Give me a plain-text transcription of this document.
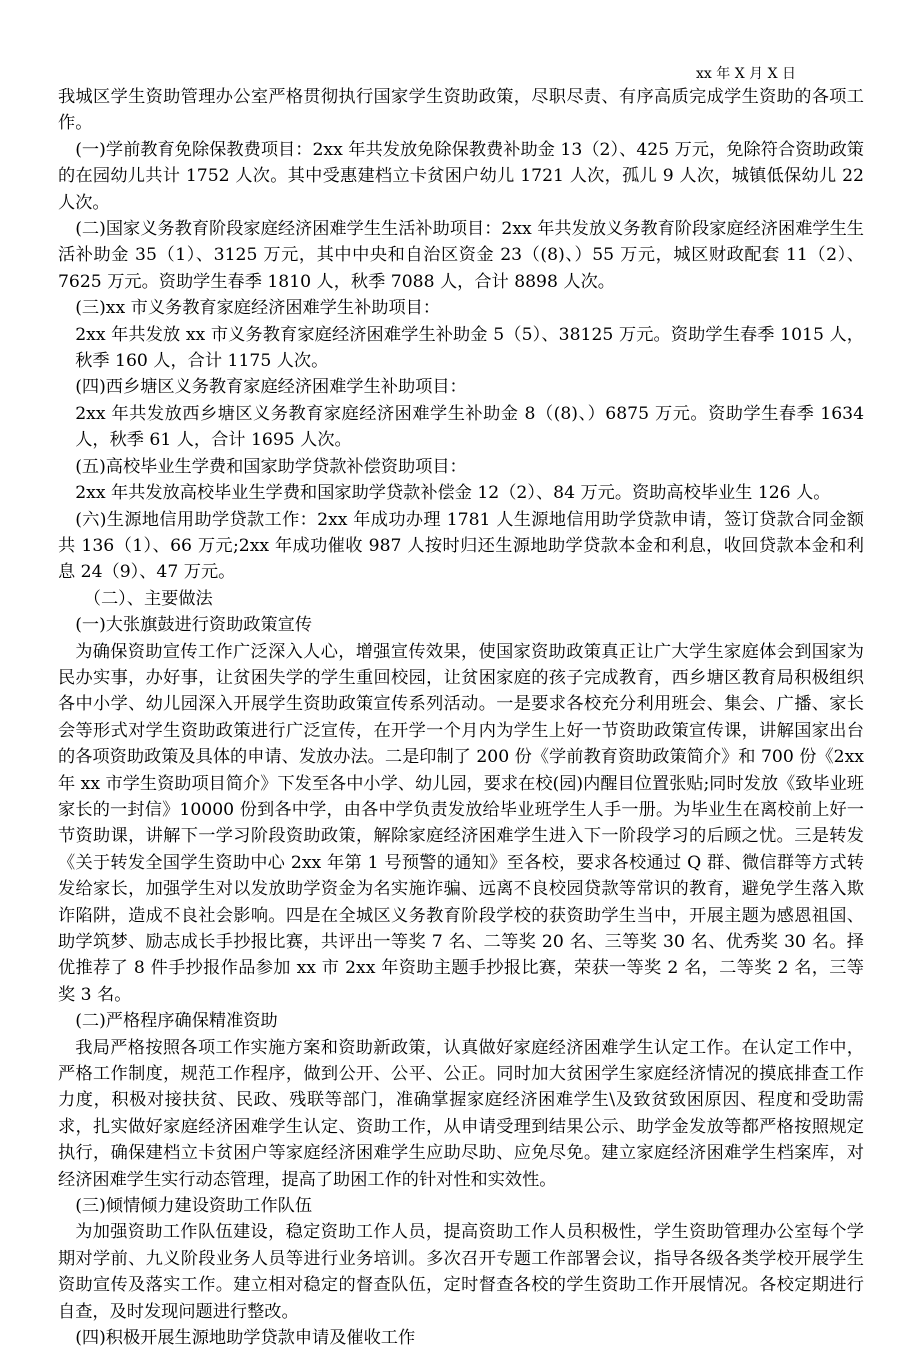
xx 年 X 月 X 日

我城区学生资助管理办公室严格贯彻执行国家学生资助政策，尽职尽责、有序高质完成学生资助的各项工作。

(一)学前教育免除保教费项目：2xx 年共发放免除保教费补助金 13（2）、425 万元，免除符合资助政策的在园幼儿共计 1752 人次。其中受惠建档立卡贫困户幼儿 1721 人次，孤儿 9 人次，城镇低保幼儿 22 人次。

(二)国家义务教育阶段家庭经济困难学生生活补助项目：2xx 年共发放义务教育阶段家庭经济困难学生生活补助金 35（1）、3125 万元，其中中央和自治区资金 23（(8)、）55 万元，城区财政配套 11（2）、7625 万元。资助学生春季 1810 人，秋季 7088 人，合计 8898 人次。

(三)xx 市义务教育家庭经济困难学生补助项目：

2xx 年共发放 xx 市义务教育家庭经济困难学生补助金 5（5）、38125 万元。资助学生春季 1015 人，秋季 160 人，合计 1175 人次。

(四)西乡塘区义务教育家庭经济困难学生补助项目：

2xx 年共发放西乡塘区义务教育家庭经济困难学生补助金 8（(8)、）6875 万元。资助学生春季 1634 人，秋季 61 人，合计 1695 人次。

(五)高校毕业生学费和国家助学贷款补偿资助项目：

2xx 年共发放高校毕业生学费和国家助学贷款补偿金 12（2）、84 万元。资助高校毕业生 126 人。

(六)生源地信用助学贷款工作：2xx 年成功办理 1781 人生源地信用助学贷款申请，签订贷款合同金额共 136（1）、66 万元;2xx 年成功催收 987 人按时归还生源地助学贷款本金和利息，收回贷款本金和利息 24（9）、47 万元。

（二）、主要做法

(一)大张旗鼓进行资助政策宣传

为确保资助宣传工作广泛深入人心，增强宣传效果，使国家资助政策真正让广大学生家庭体会到国家为民办实事，办好事，让贫困失学的学生重回校园，让贫困家庭的孩子完成教育，西乡塘区教育局积极组织各中小学、幼儿园深入开展学生资助政策宣传系列活动。一是要求各校充分利用班会、集会、广播、家长会等形式对学生资助政策进行广泛宣传，在开学一个月内为学生上好一节资助政策宣传课，讲解国家出台的各项资助政策及具体的申请、发放办法。二是印制了 200 份《学前教育资助政策简介》和 700 份《2xx 年 xx 市学生资助项目简介》下发至各中小学、幼儿园，要求在校(园)内醒目位置张贴;同时发放《致毕业班家长的一封信》10000 份到各中学，由各中学负责发放给毕业班学生人手一册。为毕业生在离校前上好一节资助课，讲解下一学习阶段资助政策，解除家庭经济困难学生进入下一阶段学习的后顾之忧。三是转发《关于转发全国学生资助中心 2xx 年第 1 号预警的通知》至各校，要求各校通过 Q 群、微信群等方式转发给家长，加强学生对以发放助学资金为名实施诈骗、远离不良校园贷款等常识的教育，避免学生落入欺诈陷阱，造成不良社会影响。四是在全城区义务教育阶段学校的获资助学生当中，开展主题为感恩祖国、助学筑梦、励志成长手抄报比赛，共评出一等奖 7 名、二等奖 20 名、三等奖 30 名、优秀奖 30 名。择优推荐了 8 件手抄报作品参加 xx 市 2xx 年资助主题手抄报比赛，荣获一等奖 2 名，二等奖 2 名，三等奖 3 名。

(二)严格程序确保精准资助

我局严格按照各项工作实施方案和资助新政策，认真做好家庭经济困难学生认定工作。在认定工作中，严格工作制度，规范工作程序，做到公开、公平、公正。同时加大贫困学生家庭经济情况的摸底排查工作力度，积极对接扶贫、民政、残联等部门，准确掌握家庭经济困难学生\及致贫致困原因、程度和受助需求，扎实做好家庭经济困难学生认定、资助工作，从申请受理到结果公示、助学金发放等都严格按照规定执行，确保建档立卡贫困户等家庭经济困难学生应助尽助、应免尽免。建立家庭经济困难学生档案库，对经济困难学生实行动态管理，提高了助困工作的针对性和实效性。

(三)倾情倾力建设资助工作队伍

为加强资助工作队伍建设，稳定资助工作人员，提高资助工作人员积极性，学生资助管理办公室每个学期对学前、九义阶段业务人员等进行业务培训。多次召开专题工作部署会议，指导各级各类学校开展学生资助宣传及落实工作。建立相对稳定的督查队伍，定时督查各校的学生资助工作开展情况。各校定期进行自查，及时发现问题进行整改。

(四)积极开展生源地助学贷款申请及催收工作
